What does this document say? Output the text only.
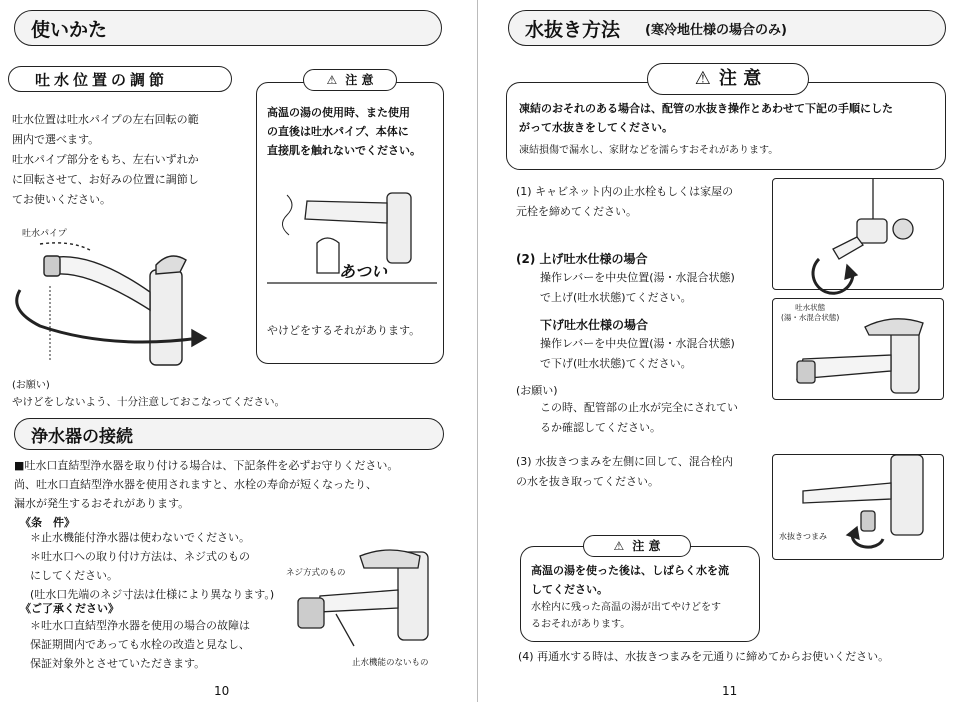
使いかた
吐水位置の調節
吐水位置は吐水パイプの左右回転の範
囲内で選べます。
吐水パイプ部分をもち、左右いずれか
に回転させて、お好みの位置に調節し
てお使いください。
吐水パイプ
(お願い)
やけどをしないよう、十分注意しておこなってください。
⚠ 注 意
高温の湯の使用時、また使用
の直後は吐水パイプ、本体に
直接肌を触れないでください。
あつい
やけどをするそれがあります。
浄水器の接続
■吐水口直結型浄水器を取り付ける場合は、下記条件を必ずお守りください。
尚、吐水口直結型浄水器を使用されますと、水栓の寿命が短くなったり、
漏水が発生するおそれがあります。
《条　件》
＊止水機能付浄水器は使わないでください。
＊吐水口への取り付け方法は、ネジ式のもの
にしてください。
(吐水口先端のネジ寸法は仕様により異なります。)
《ご了承ください》
＊吐水口直結型浄水器を使用の場合の故障は
保証期間内であっても水栓の改造と見なし、
保証対象外とさせていただきます。
ネジ方式のもの
止水機能のないもの
10
水抜き方法 (寒冷地仕様の場合のみ)
⚠ 注 意
凍結のおそれのある場合は、配管の水抜き操作とあわせて下記の手順にした
がって水抜きをしてください。
凍結損傷で漏水し、家財などを濡らすおそれがあります。
(1) キャビネット内の止水栓もしくは家屋の
元栓を締めてください。
(2) 上げ吐水仕様の場合
操作レバーを中央位置(湯・水混合状態)
で上げ(吐水状態)てください。
吐水状態
(湯・水混合状態)
下げ吐水仕様の場合
操作レバーを中央位置(湯・水混合状態)
で下げ(吐水状態)てください。
(お願い)
この時、配管部の止水が完全にされてい
るか確認してください。
(3) 水抜きつまみを左側に回して、混合栓内
の水を抜き取ってください。
水抜きつまみ
⚠ 注 意
高温の湯を使った後は、しばらく水を流
してください。
水栓内に残った高温の湯が出てやけどをす
るおそれがあります。
(4) 再通水する時は、水抜きつまみを元通りに締めてからお使いください。
11
